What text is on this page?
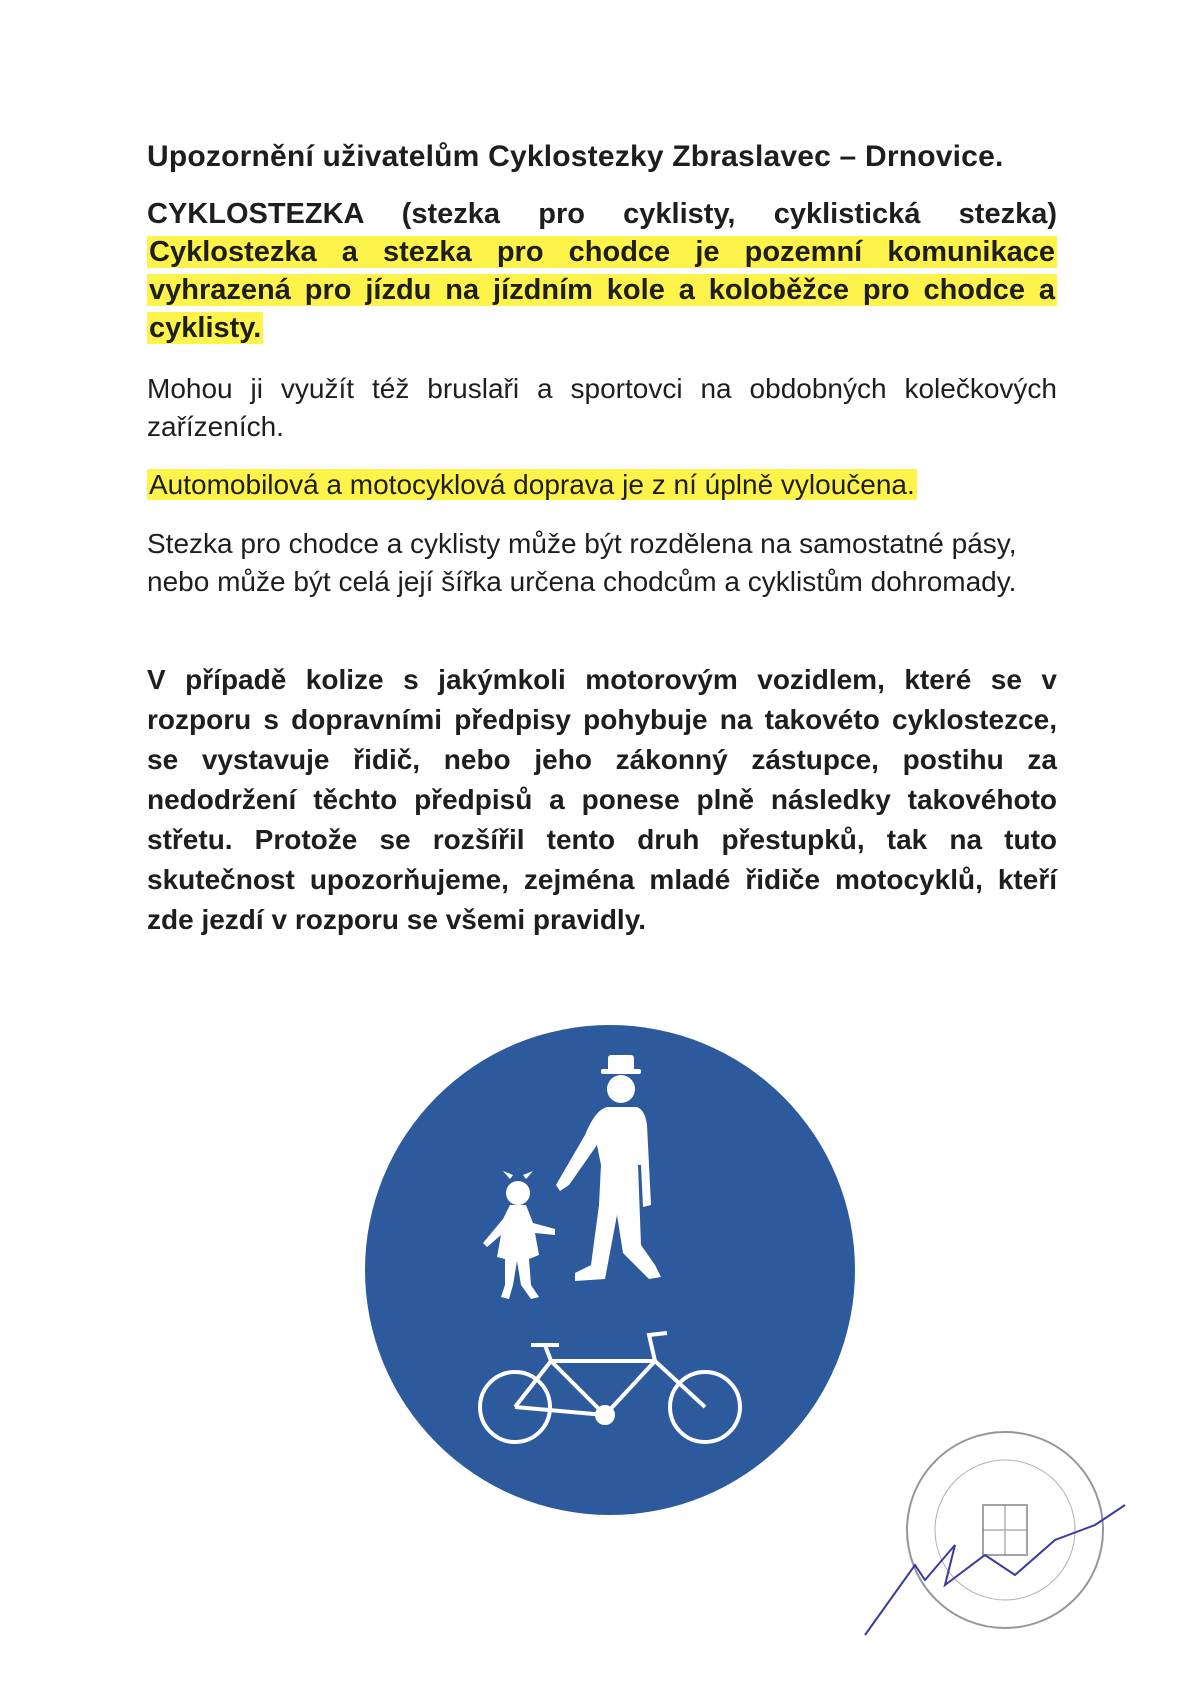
Upozornění uživatelům Cyklostezky Zbraslavec – Drnovice.
CYKLOSTEZKA (stezka pro cyklisty, cyklistická stezka) Cyklostezka a stezka pro chodce je pozemní komunikace vyhrazená pro jízdu na jízdním kole a koloběžce pro chodce a cyklisty.
Mohou ji využít též bruslaři a sportovci na obdobných kolečkových zařízeních.
Automobilová a motocyklová doprava je z ní úplně vyloučena.
Stezka pro chodce a cyklisty může být rozdělena na samostatné pásy, nebo může být celá její šířka určena chodcům a cyklistům dohromady.
V případě kolize s jakýmkoli motorovým vozidlem, které se v rozporu s dopravními předpisy pohybuje na takovéto cyklostezce, se vystavuje řidič, nebo jeho zákonný zástupce, postihu za nedodržení těchto předpisů a ponese plně následky takovéhoto střetu. Protože se rozšířil tento druh přestupků, tak na tuto skutečnost upozorňujeme, zejména mladé řidiče motocyklů, kteří zde jezdí v rozporu se všemi pravidly.
